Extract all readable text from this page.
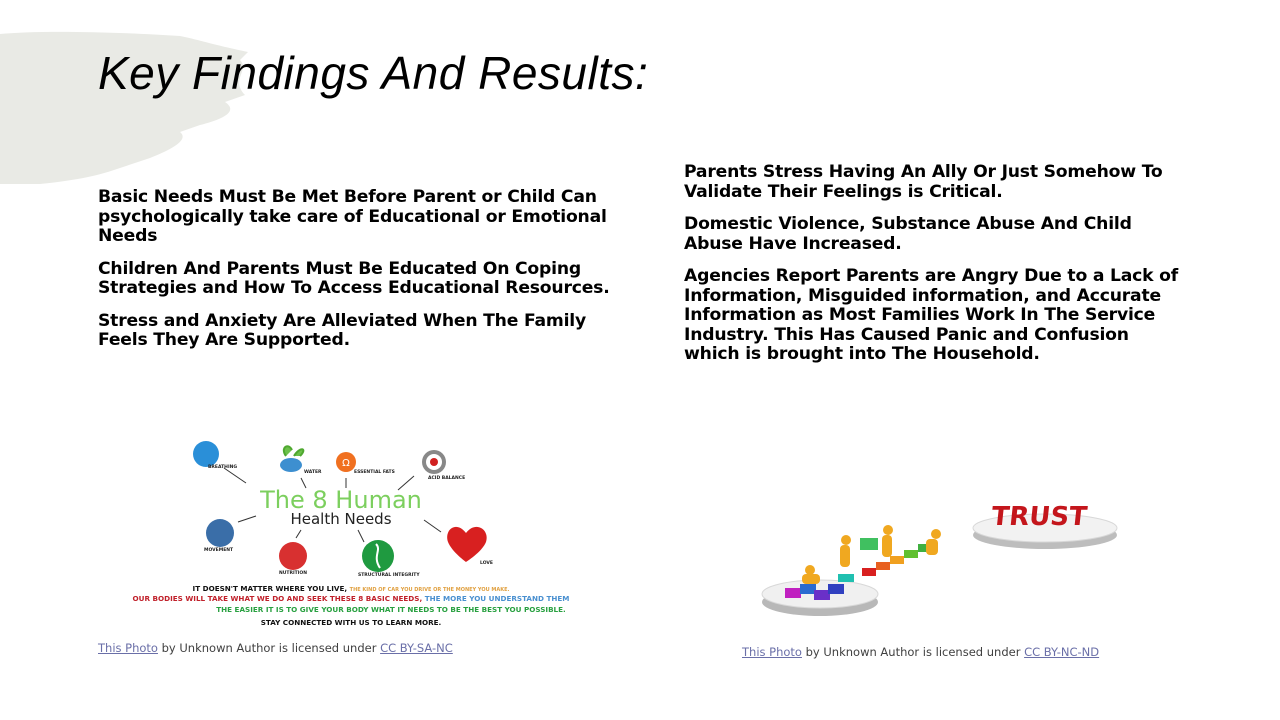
Key Findings And Results:

Basic Needs Must Be Met Before Parent or Child Can psychologically take care of Educational or Emotional Needs

Children And Parents Must Be Educated On Coping Strategies and How To Access Educational Resources.

Stress and Anxiety Are Alleviated When The Family Feels They Are Supported.

Parents Stress Having An Ally Or Just Somehow To Validate Their Feelings is Critical.

Domestic Violence, Substance Abuse And Child Abuse Have Increased.

Agencies Report Parents are Angry Due to a Lack of Information, Misguided information, and Accurate Information as Most Families Work In The Service Industry. This Has Caused Panic and Confusion which is brought into The Household.

Ω
The 8 Human
Health Needs
BREATHING
WATER	ESSENTIAL FATS
ACID BALANCE
MOVEMENT
NUTRITION	STRUCTURAL INTEGRITY
LOVE
IT DOESN'T MATTER WHERE YOU LIVE, THE KIND OF CAR YOU DRIVE OR THE MONEY YOU MAKE.
OUR BODIES WILL TAKE WHAT WE DO AND SEEK THESE 8 BASIC NEEDS, THE MORE YOU UNDERSTAND THEM
THE EASIER IT IS TO GIVE YOUR BODY WHAT IT NEEDS TO BE THE BEST YOU POSSIBLE.
STAY CONNECTED WITH US TO LEARN MORE.
This Photo by Unknown Author is licensed under CC BY-SA-NC
TRUST
This Photo by Unknown Author is licensed under CC BY-NC-ND
